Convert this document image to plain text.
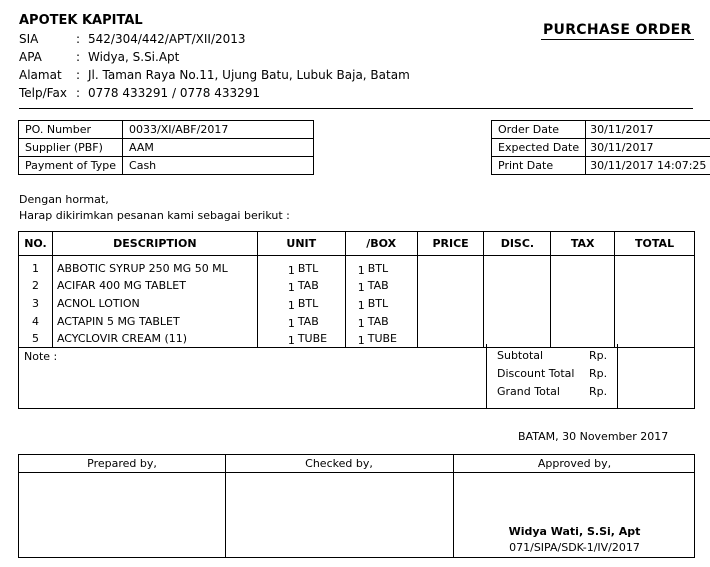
APOTEK KAPITAL
SIA	: 542/304/442/APT/XII/2013
APA	: Widya, S.Si.Apt
Alamat	: Jl. Taman Raya No.11, Ujung Batu, Lubuk Baja, Batam
Telp/Fax : 0778 433291 / 0778 433291
PURCHASE ORDER
PO. Number	0033/XI/ABF/2017
Supplier (PBF)	AAM
Payment of Type	Cash
Order Date	30/11/2017
Expected Date	30/11/2017
Print Date	30/11/2017 14:07:25
Dengan hormat,
Harap dikirimkan pesanan kami sebagai berikut :
NO.	DESCRIPTION	UNIT	/BOX	PRICE	DISC.	TAX	TOTAL

1	ABBOTIC SYRUP 250 MG 50 ML	1 BTL	1 BTL				
2	ACIFAR 400 MG TABLET	1 TAB	1 TAB				
3	ACNOL LOTION	1 BTL	1 BTL				
4	ACTAPIN 5 MG TABLET	1 TAB	1 TAB				
5	ACYCLOVIR CREAM (11)	1 TUBE	1 TUBE				
Note :	Subtotal	Rp.
Discount Total Rp.
Grand Total	Rp.
BATAM, 30 November 2017
Prepared by,	Checked by,	Approved by,
Widya Wati, S.Si, Apt
071/SIPA/SDK-1/IV/2017
